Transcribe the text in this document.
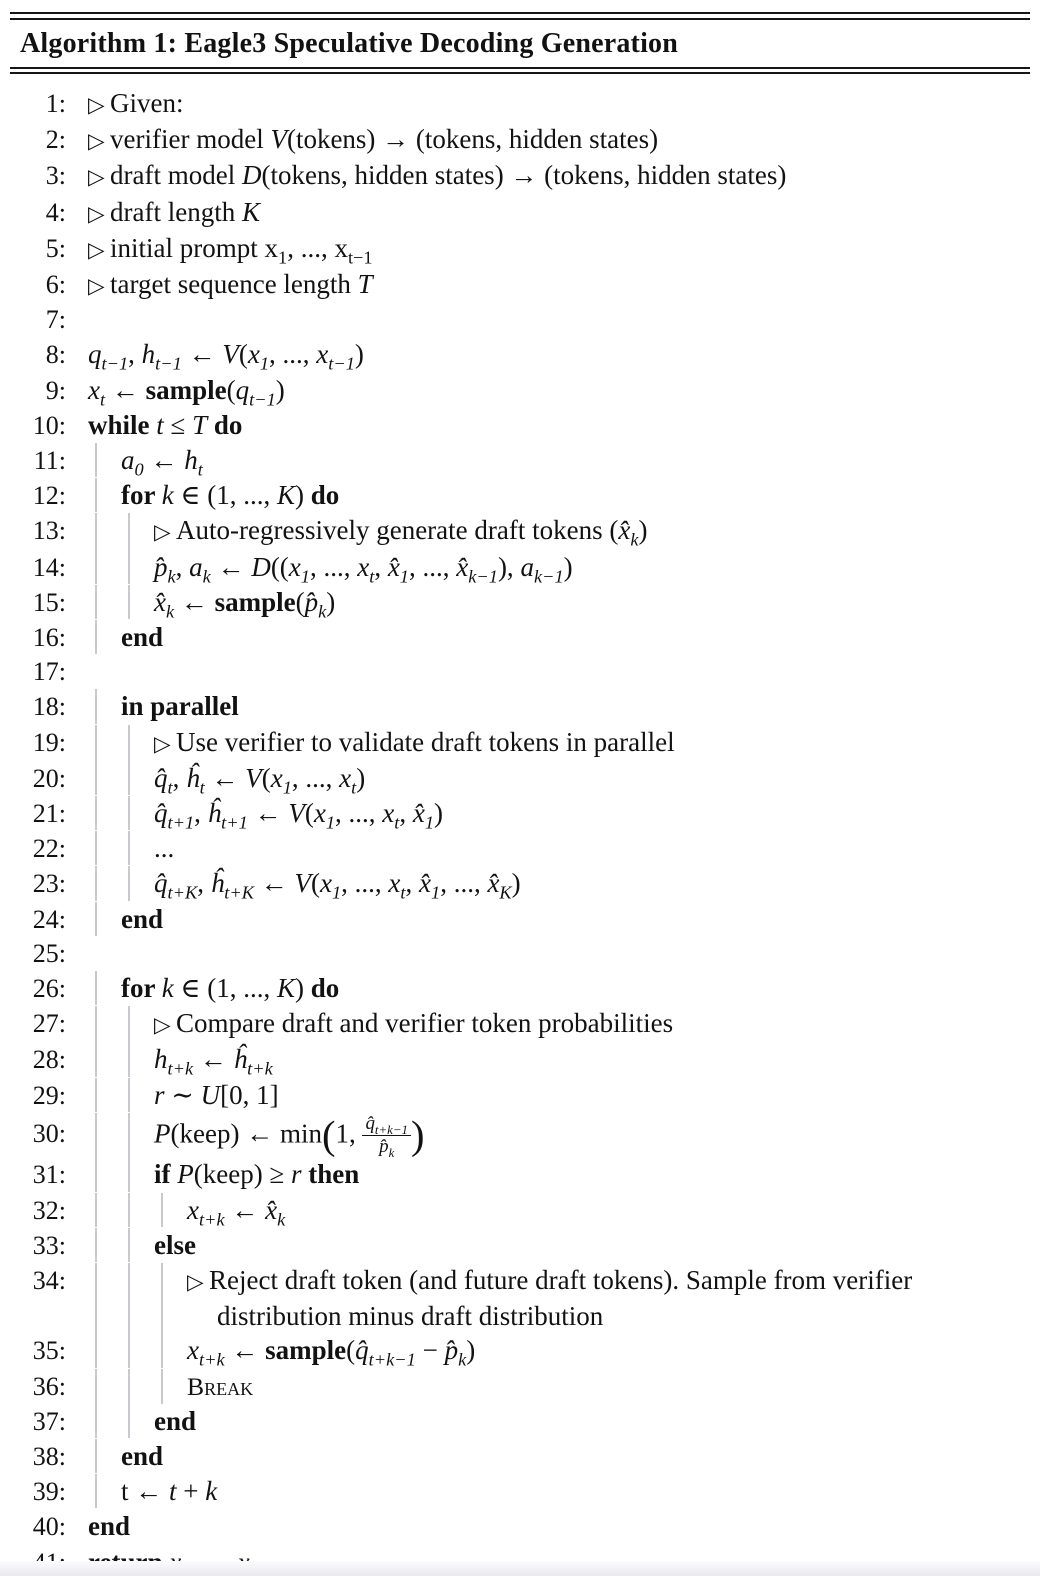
Algorithm 1: Eagle3 Speculative Decoding Generation
1: ▷ Given:
2: ▷ verifier model V(tokens) → (tokens, hidden states)
3: ▷ draft model D(tokens, hidden states) → (tokens, hidden states)
4: ▷ draft length K
5: ▷ initial prompt $x_1$, ..., $x_{t-1}$
6: ▷ target sequence length T
7:
8: $q_{t-1}$, $h_{t-1}$ ← $V(x_1$, ..., $x_{t-1}$)
9: $x_t$ ← $sample(q_{t-1})$
10: while t ≤ T do
11:	$a_0$ ← $h_t$
12:	for k ∈ (1, ..., K) do
13:	▷ Auto-regressively generate draft tokens $(x̂_k)$
14:	$p̂_k$, $a_k$ ← $D((x_1$, ..., $x_t$, $x̂_1$, ..., $x̂_{k-1}$), $a_{k-1}$)
15:	$x̂_k$ ← $sample(p̂_k)$
16:	end
17:
18:	in parallel
19:	▷ Use verifier to validate draft tokens in parallel
20:	$q̂_t$, $ĥ_t$ ← $V(x_1$, ..., $x_t$)
21:	$q̂_{t+1}$, $ĥ_{t+1}$ ← $V(x_1$, ..., $x_t$, $x̂_1$)
22:	...
23:	$q̂_{t+K}$, $ĥ_{t+K}$ ← $V(x_1$, ..., $x_t$, $x̂_1$, ..., $x̂_K$)
24:	end
25:
26:	for k ∈ (1, ..., K) do
27:	▷ Compare draft and verifier token probabilities
28:	$h_{t+k}$ ← $ĥ_{t+k}$
29:	r ∼ U[0, 1]
30:	P(keep) ← min(1, $\frac{q̂_{t+k-1}}{p̂_k}$ )
31:	if P(keep) ≥ r then
32:	$x_{t+k}$ ← $x̂_k$
33:	else
34:	▷ Reject draft token (and future draft tokens). Sample from verifier distribution minus draft distribution
35:	$x_{t+k}$ ← $sample(q̂_{t+k-1}$ − $p̂_k$)
36:	Break
37:	end
38:	end
39:	t ← t + k
40: end
